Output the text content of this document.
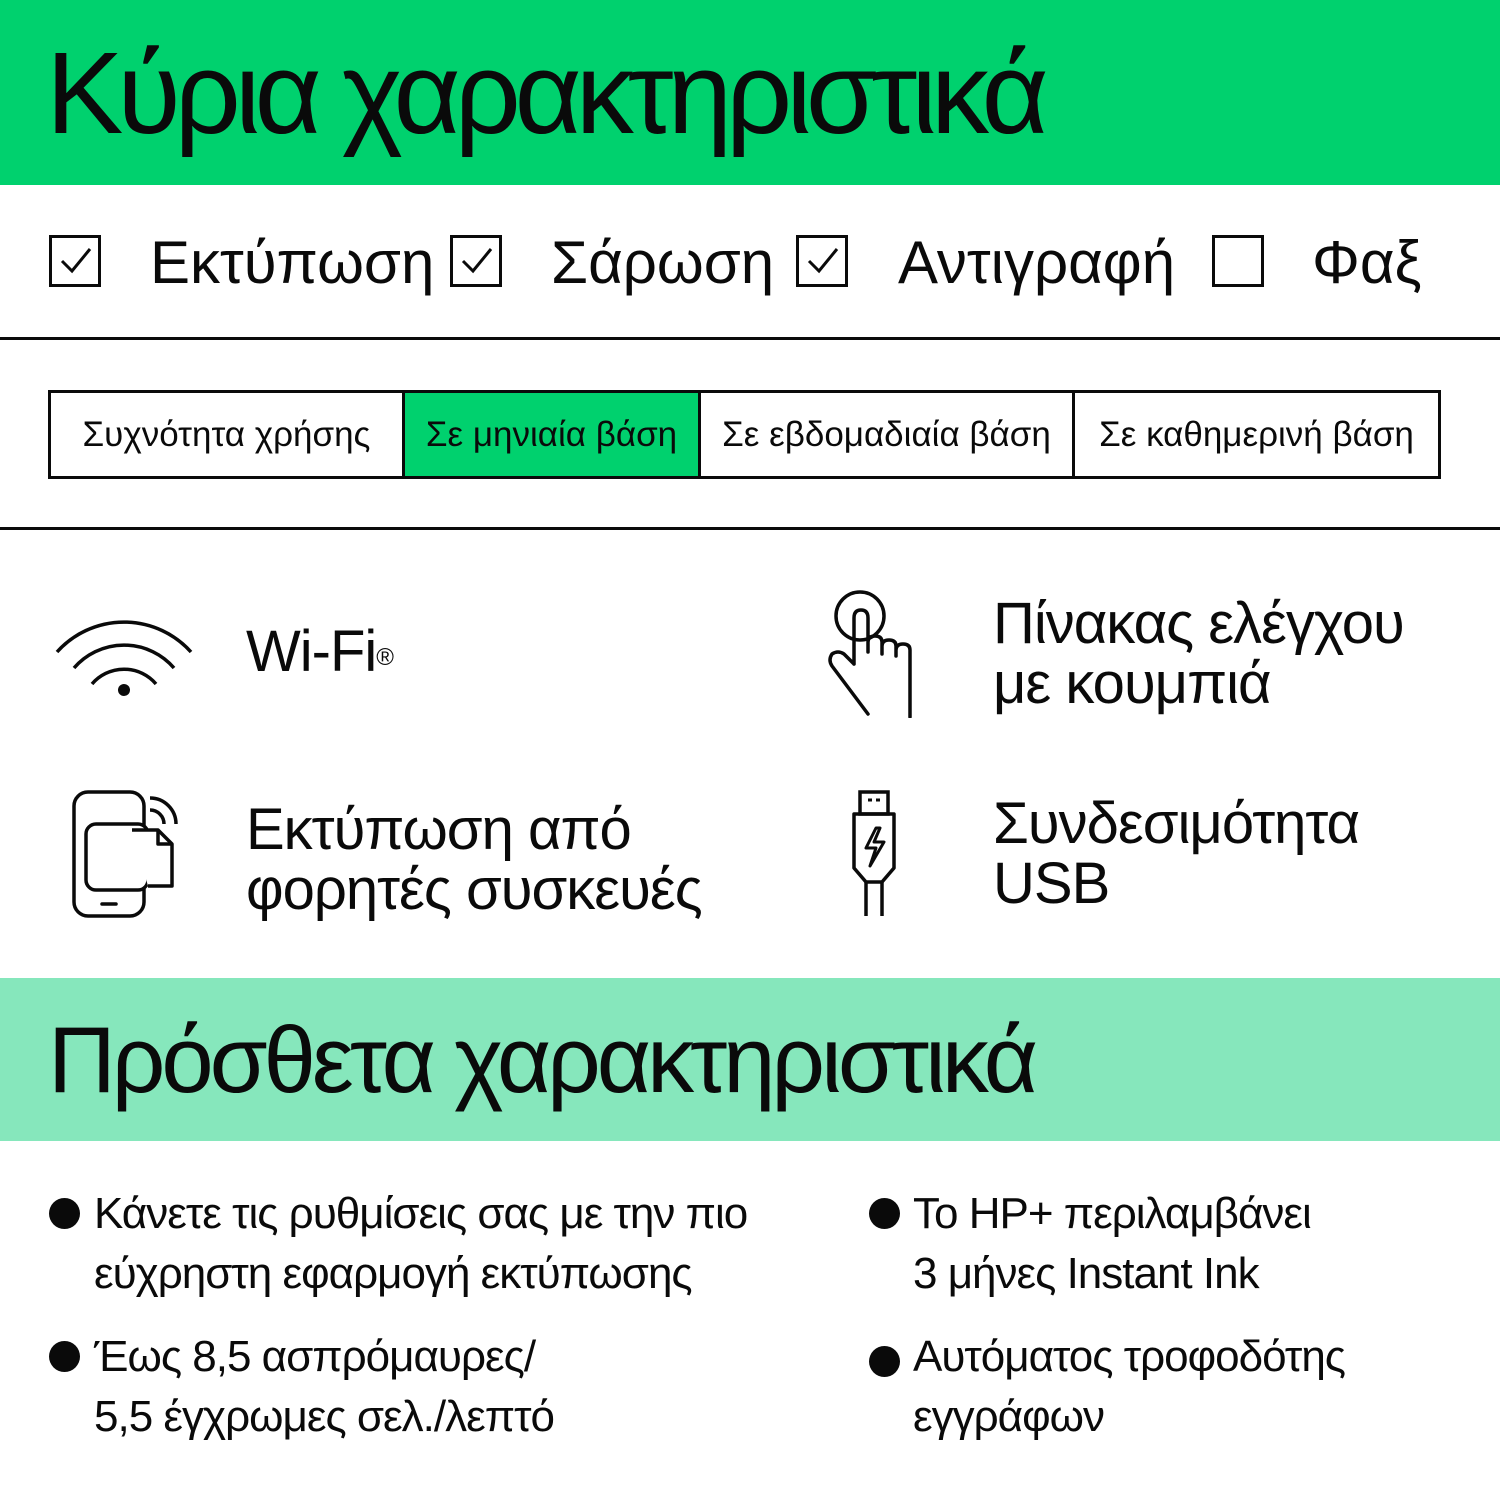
Κύρια χαρακτηριστικά
Εκτύπωση Σάρωση Αντιγραφή Φαξ
Συχνότητα χρήσης	Σε μηνιαία βάση	Σε εβδομαδιαία βάση	Σε καθημερινή βάση
Wi-Fi®
Πίνακας ελέγχου
με κουμπιά
Εκτύπωση από
φορητές συσκευές
Συνδεσιμότητα
USB
Πρόσθετα χαρακτηριστικά
Κάνετε τις ρυθμίσεις σας με την πιο
εύχρηστη εφαρμογή εκτύπωσης
Το HP+ περιλαμβάνει
3 μήνες Instant Ink
Έως 8,5 ασπρόμαυρες/
5,5 έγχρωμες σελ./λεπτό
Αυτόματος τροφοδότης
εγγράφων
